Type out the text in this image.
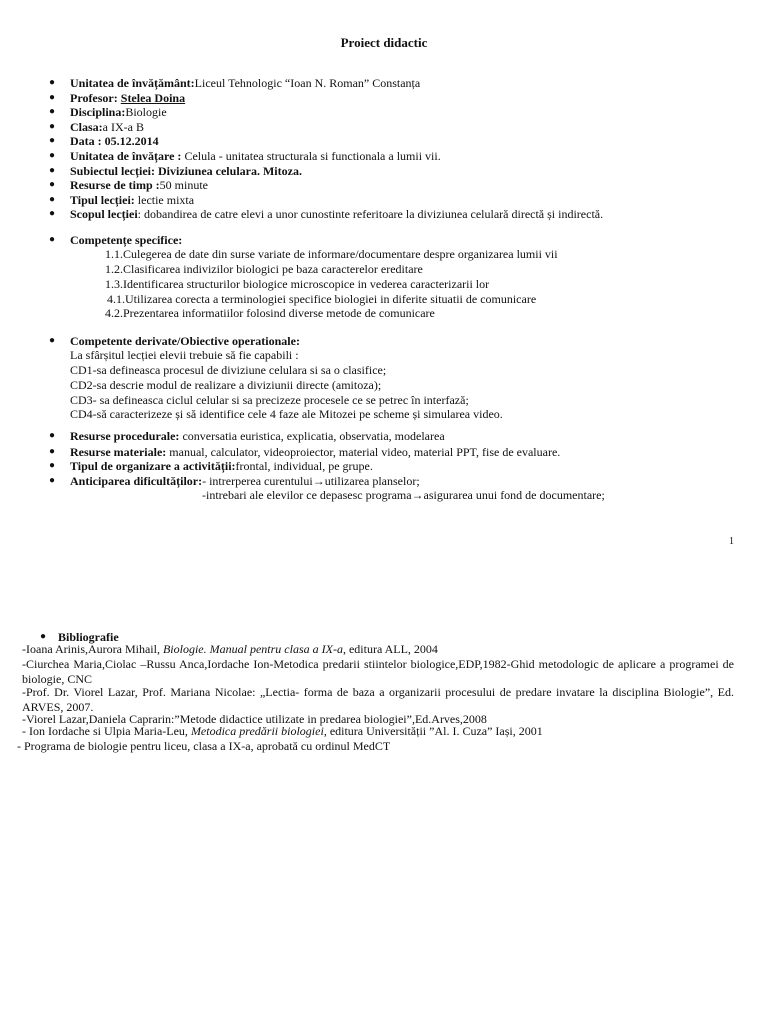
Proiect didactic
● Unitatea de învățământ:Liceul Tehnologic “Ioan N. Roman” Constanța
● Profesor: Stelea Doina
● Disciplina:Biologie
● Clasa:a IX-a B
● Data : 05.12.2014
● Unitatea de învățare : Celula - unitatea structurala si functionala a lumii vii.
● Subiectul lecției: Diviziunea celulara. Mitoza.
● Resurse de timp :50 minute
● Tipul lecției: lectie mixta
● Scopul lecției: dobandirea de catre elevi a unor cunostinte referitoare la diviziunea celulară directă și indirectă.
● Competențe specifice:
1.1.Culegerea de date din surse variate de informare/documentare despre organizarea lumii vii
1.2.Clasificarea indivizilor biologici pe baza caracterelor ereditare
1.3.Identificarea structurilor biologice microscopice in vederea caracterizarii lor
4.1.Utilizarea corecta a terminologiei specifice biologiei in diferite situatii de comunicare
4.2.Prezentarea informatiilor folosind diverse metode de comunicare
● Competente derivate/Obiective operationale:
La sfârșitul lecției elevii trebuie să fie capabili :
CD1-sa defineasca procesul de diviziune celulara si sa o clasifice;
CD2-sa descrie modul de realizare a diviziunii directe (amitoza);
CD3- sa defineasca ciclul celular si sa precizeze procesele ce se petrec în interfază;
CD4-să caracterizeze și să identifice cele 4 faze ale Mitozei pe scheme și simularea video.
● Resurse procedurale: conversatia euristica, explicatia, observatia, modelarea
● Resurse materiale: manual, calculator, videoproiector, material video, material PPT, fise de evaluare.
● Tipul de organizare a activității:frontal, individual, pe grupe.
● Anticiparea dificultăților:- intrerperea curentului→utilizarea planselor;
-intrebari ale elevilor ce depasesc programa→asigurarea unui fond de documentare;
1
● Bibliografie
-Ioana Arinis,Aurora Mihail, Biologie. Manual pentru clasa a IX-a, editura ALL, 2004
-Ciurchea Maria,Ciolac –Russu Anca,Iordache Ion-Metodica predarii stiintelor biologice,EDP,1982-Ghid metodologic de aplicare a programei de biologie, CNC
-Prof. Dr. Viorel Lazar, Prof. Mariana Nicolae: „Lectia- forma de baza a organizarii procesului de predare invatare la disciplina Biologie”, Ed. ARVES, 2007.
-Viorel Lazar,Daniela Caprarin:”Metode didactice utilizate in predarea biologiei”,Ed.Arves,2008
- Ion Iordache si Ulpia Maria-Leu, Metodica predării biologiei, editura Universității ”Al. I. Cuza” Iași, 2001
- Programa de biologie pentru liceu, clasa a IX-a, aprobată cu ordinul MedCT
